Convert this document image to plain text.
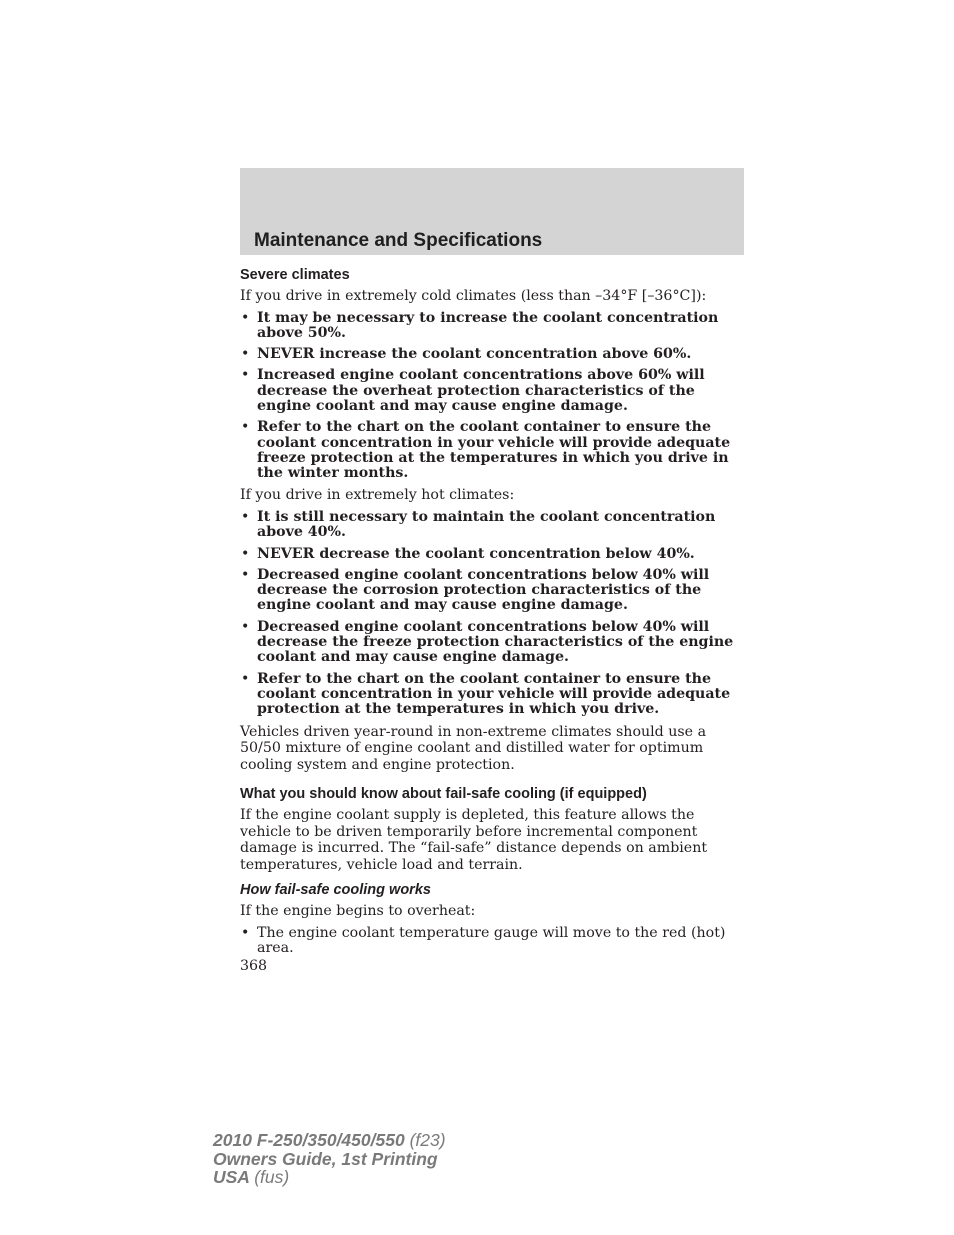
Maintenance and Specifications
Severe climates

If you drive in extremely cold climates (less than –34°F [–36°C]):

• It may be necessary to increase the coolant concentration above 50%.
• NEVER increase the coolant concentration above 60%.
• Increased engine coolant concentrations above 60% will decrease the overheat protection characteristics of the engine coolant and may cause engine damage.
• Refer to the chart on the coolant container to ensure the coolant concentration in your vehicle will provide adequate freeze protection at the temperatures in which you drive in the winter months.

If you drive in extremely hot climates:

• It is still necessary to maintain the coolant concentration above 40%.
• NEVER decrease the coolant concentration below 40%.
• Decreased engine coolant concentrations below 40% will decrease the corrosion protection characteristics of the engine coolant and may cause engine damage.
• Decreased engine coolant concentrations below 40% will decrease the freeze protection characteristics of the engine coolant and may cause engine damage.
• Refer to the chart on the coolant container to ensure the coolant concentration in your vehicle will provide adequate protection at the temperatures in which you drive.

Vehicles driven year-round in non-extreme climates should use a 50/50 mixture of engine coolant and distilled water for optimum cooling system and engine protection.

What you should know about fail-safe cooling (if equipped)

If the engine coolant supply is depleted, this feature allows the vehicle to be driven temporarily before incremental component damage is incurred. The “fail-safe” distance depends on ambient temperatures, vehicle load and terrain.

How fail-safe cooling works

If the engine begins to overheat:

• The engine coolant temperature gauge will move to the red (hot) area.
368
2010 F-250/350/450/550 (f23)
Owners Guide, 1st Printing
USA (fus)
